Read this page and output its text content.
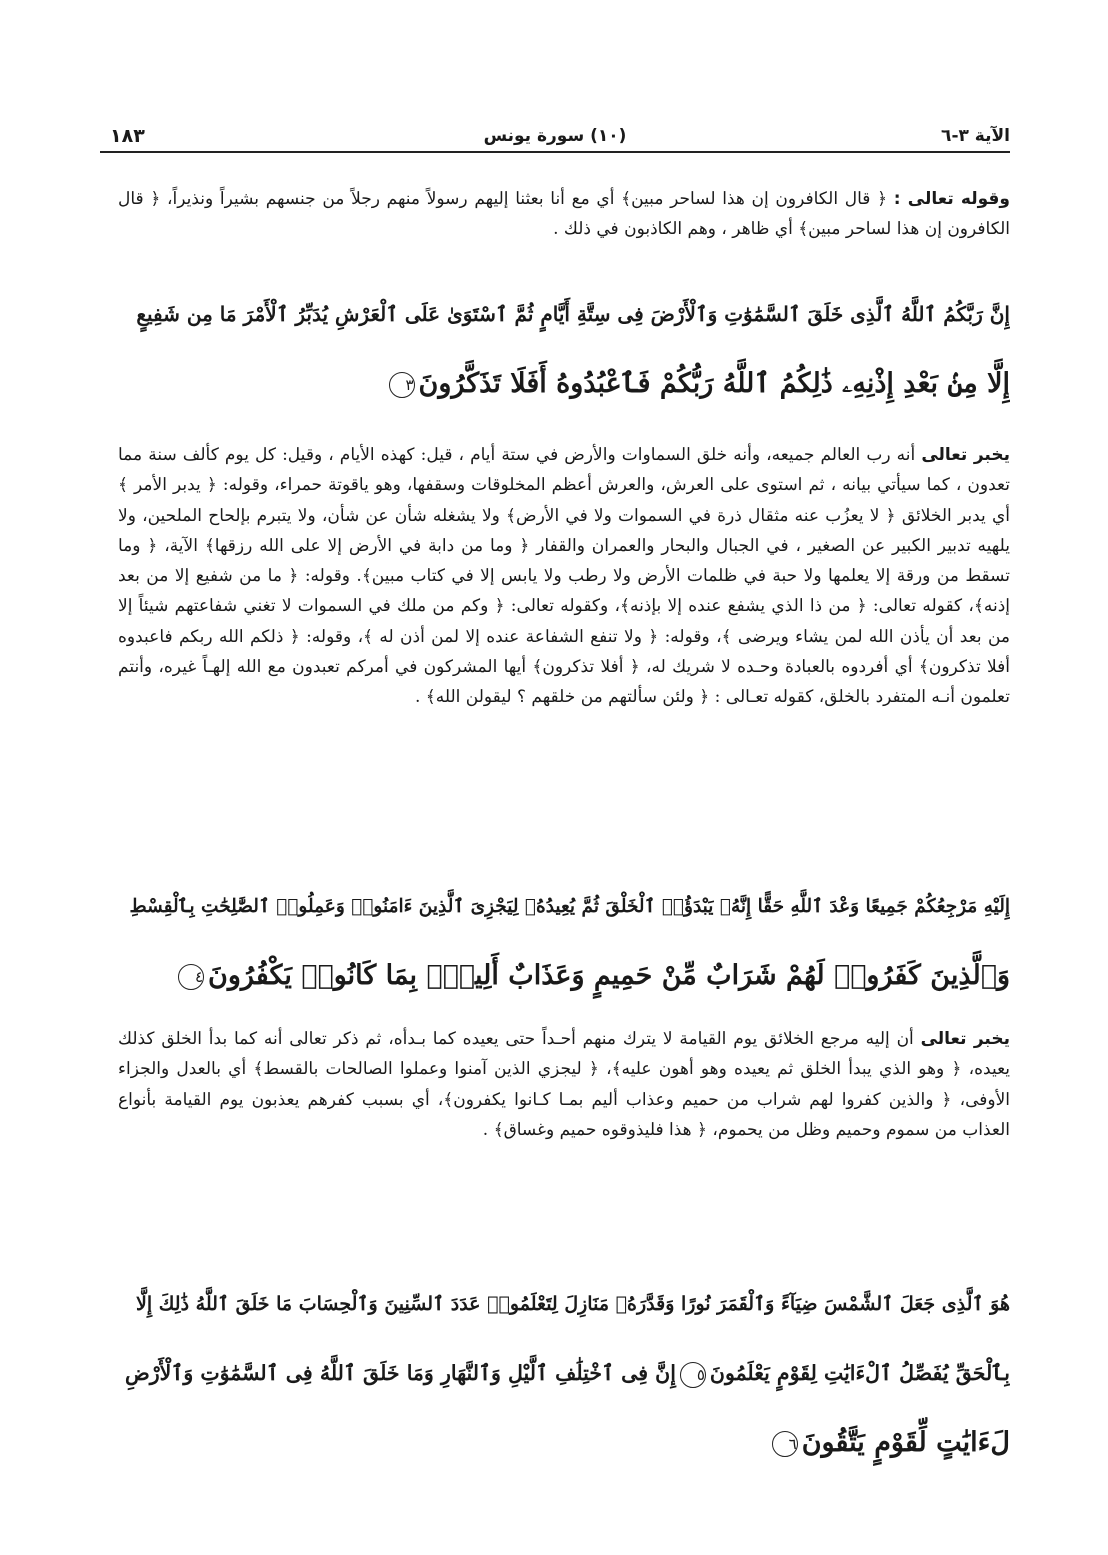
الآية ٣-٦
(١٠) سورة يونس
١٨٣
وقوله تعالى : ﴿ قال الكافرون إن هذا لساحر مبين﴾ أي مع أنا بعثنا إليهم رسولاً منهم رجلاً من جنسهم بشيراً ونذيراً، ﴿ قال الكافرون إن هذا لساحر مبين﴾ أي ظاهر ، وهم الكاذبون في ذلك .
إِنَّ رَبَّكُمُ ٱللَّهُ ٱلَّذِى خَلَقَ ٱلسَّمَٰوَٰتِ وَٱلْأَرْضَ فِى سِتَّةِ أَيَّامٍ ثُمَّ ٱسْتَوَىٰ عَلَى ٱلْعَرْشِ يُدَبِّرُ ٱلْأَمْرَ مَا مِن شَفِيعٍ
إِلَّا مِنۢ بَعْدِ إِذْنِهِۦ ذَٰلِكُمُ ٱللَّهُ رَبُّكُمْ فَٱعْبُدُوهُ أَفَلَا تَذَكَّرُونَ٣
يخبر تعالى أنه رب العالم جميعه، وأنه خلق السماوات والأرض في ستة أيام ، قيل: كهذه الأيام ، وقيل: كل يوم كألف سنة مما تعدون ، كما سيأتي بيانه ، ثم استوى على العرش، والعرش أعظم المخلوقات وسقفها، وهو ياقوتة حمراء، وقوله: ﴿ يدبر الأمر ﴾ أي يدبر الخلائق ﴿ لا يعزُب عنه مثقال ذرة في السموات ولا في الأرض﴾ ولا يشغله شأن عن شأن، ولا يتبرم بإلحاح الملحين، ولا يلهيه تدبير الكبير عن الصغير ، في الجبال والبحار والعمران والقفار ﴿ وما من دابة في الأرض إلا على الله رزقها﴾ الآية، ﴿ وما تسقط من ورقة إلا يعلمها ولا حبة في ظلمات الأرض ولا رطب ولا يابس إلا في كتاب مبين﴾. وقوله: ﴿ ما من شفيع إلا من بعد إذنه﴾، كقوله تعالى: ﴿ من ذا الذي يشفع عنده إلا بإذنه﴾، وكقوله تعالى: ﴿ وكم من ملك في السموات لا تغني شفاعتهم شيئاً إلا من بعد أن يأذن الله لمن يشاء ويرضى ﴾، وقوله: ﴿ ولا تنفع الشفاعة عنده إلا لمن أذن له ﴾، وقوله: ﴿ ذلكم الله ربكم فاعبدوه أفلا تذكرون﴾ أي أفردوه بالعبادة وحـده لا شريك له، ﴿ أفلا تذكرون﴾ أيها المشركون في أمركم تعبدون مع الله إلهـاً غيره، وأنتم تعلمون أنـه المتفرد بالخلق، كقوله تعـالى : ﴿ ولئن سألتهم من خلقهم ؟ ليقولن الله﴾ .
إِلَيْهِ مَرْجِعُكُمْ جَمِيعًا وَعْدَ ٱللَّهِ حَقًّا إِنَّهُۥ يَبْدَؤُا۟ ٱلْخَلْقَ ثُمَّ يُعِيدُهُۥ لِيَجْزِىَ ٱلَّذِينَ ءَامَنُوا۟ وَعَمِلُوا۟ ٱلصَّٰلِحَٰتِ بِٱلْقِسْطِ
وَٱلَّذِينَ كَفَرُوا۟ لَهُمْ شَرَابٌ مِّنْ حَمِيمٍ وَعَذَابٌ أَلِيمٌۢ بِمَا كَانُوا۟ يَكْفُرُونَ٤
يخبر تعالى أن إليه مرجع الخلائق يوم القيامة لا يترك منهم أحـداً حتى يعيده كما بـدأه، ثم ذكر تعالى أنه كما بدأ الخلق كذلك يعيده، ﴿ وهو الذي يبدأ الخلق ثم يعيده وهو أهون عليه﴾، ﴿ ليجزي الذين آمنوا وعملوا الصالحات بالقسط﴾ أي بالعدل والجزاء الأوفى، ﴿ والذين كفروا لهم شراب من حميم وعذاب أليم بمـا كـانوا يكفرون﴾، أي بسبب كفرهم يعذبون يوم القيامة بأنواع العذاب من سموم وحميم وظل من يحموم، ﴿ هذا فليذوقوه حميم وغساق﴾ .
هُوَ ٱلَّذِى جَعَلَ ٱلشَّمْسَ ضِيَآءً وَٱلْقَمَرَ نُورًا وَقَدَّرَهُۥ مَنَازِلَ لِتَعْلَمُوا۟ عَدَدَ ٱلسِّنِينَ وَٱلْحِسَابَ مَا خَلَقَ ٱللَّهُ ذَٰلِكَ إِلَّا
بِٱلْحَقِّ يُفَصِّلُ ٱلْءَايَٰتِ لِقَوْمٍ يَعْلَمُونَ٥إِنَّ فِى ٱخْتِلَٰفِ ٱلَّيْلِ وَٱلنَّهَارِ وَمَا خَلَقَ ٱللَّهُ فِى ٱلسَّمَٰوَٰتِ وَٱلْأَرْضِ
لَءَايَٰتٍ لِّقَوْمٍ يَتَّقُونَ٦
